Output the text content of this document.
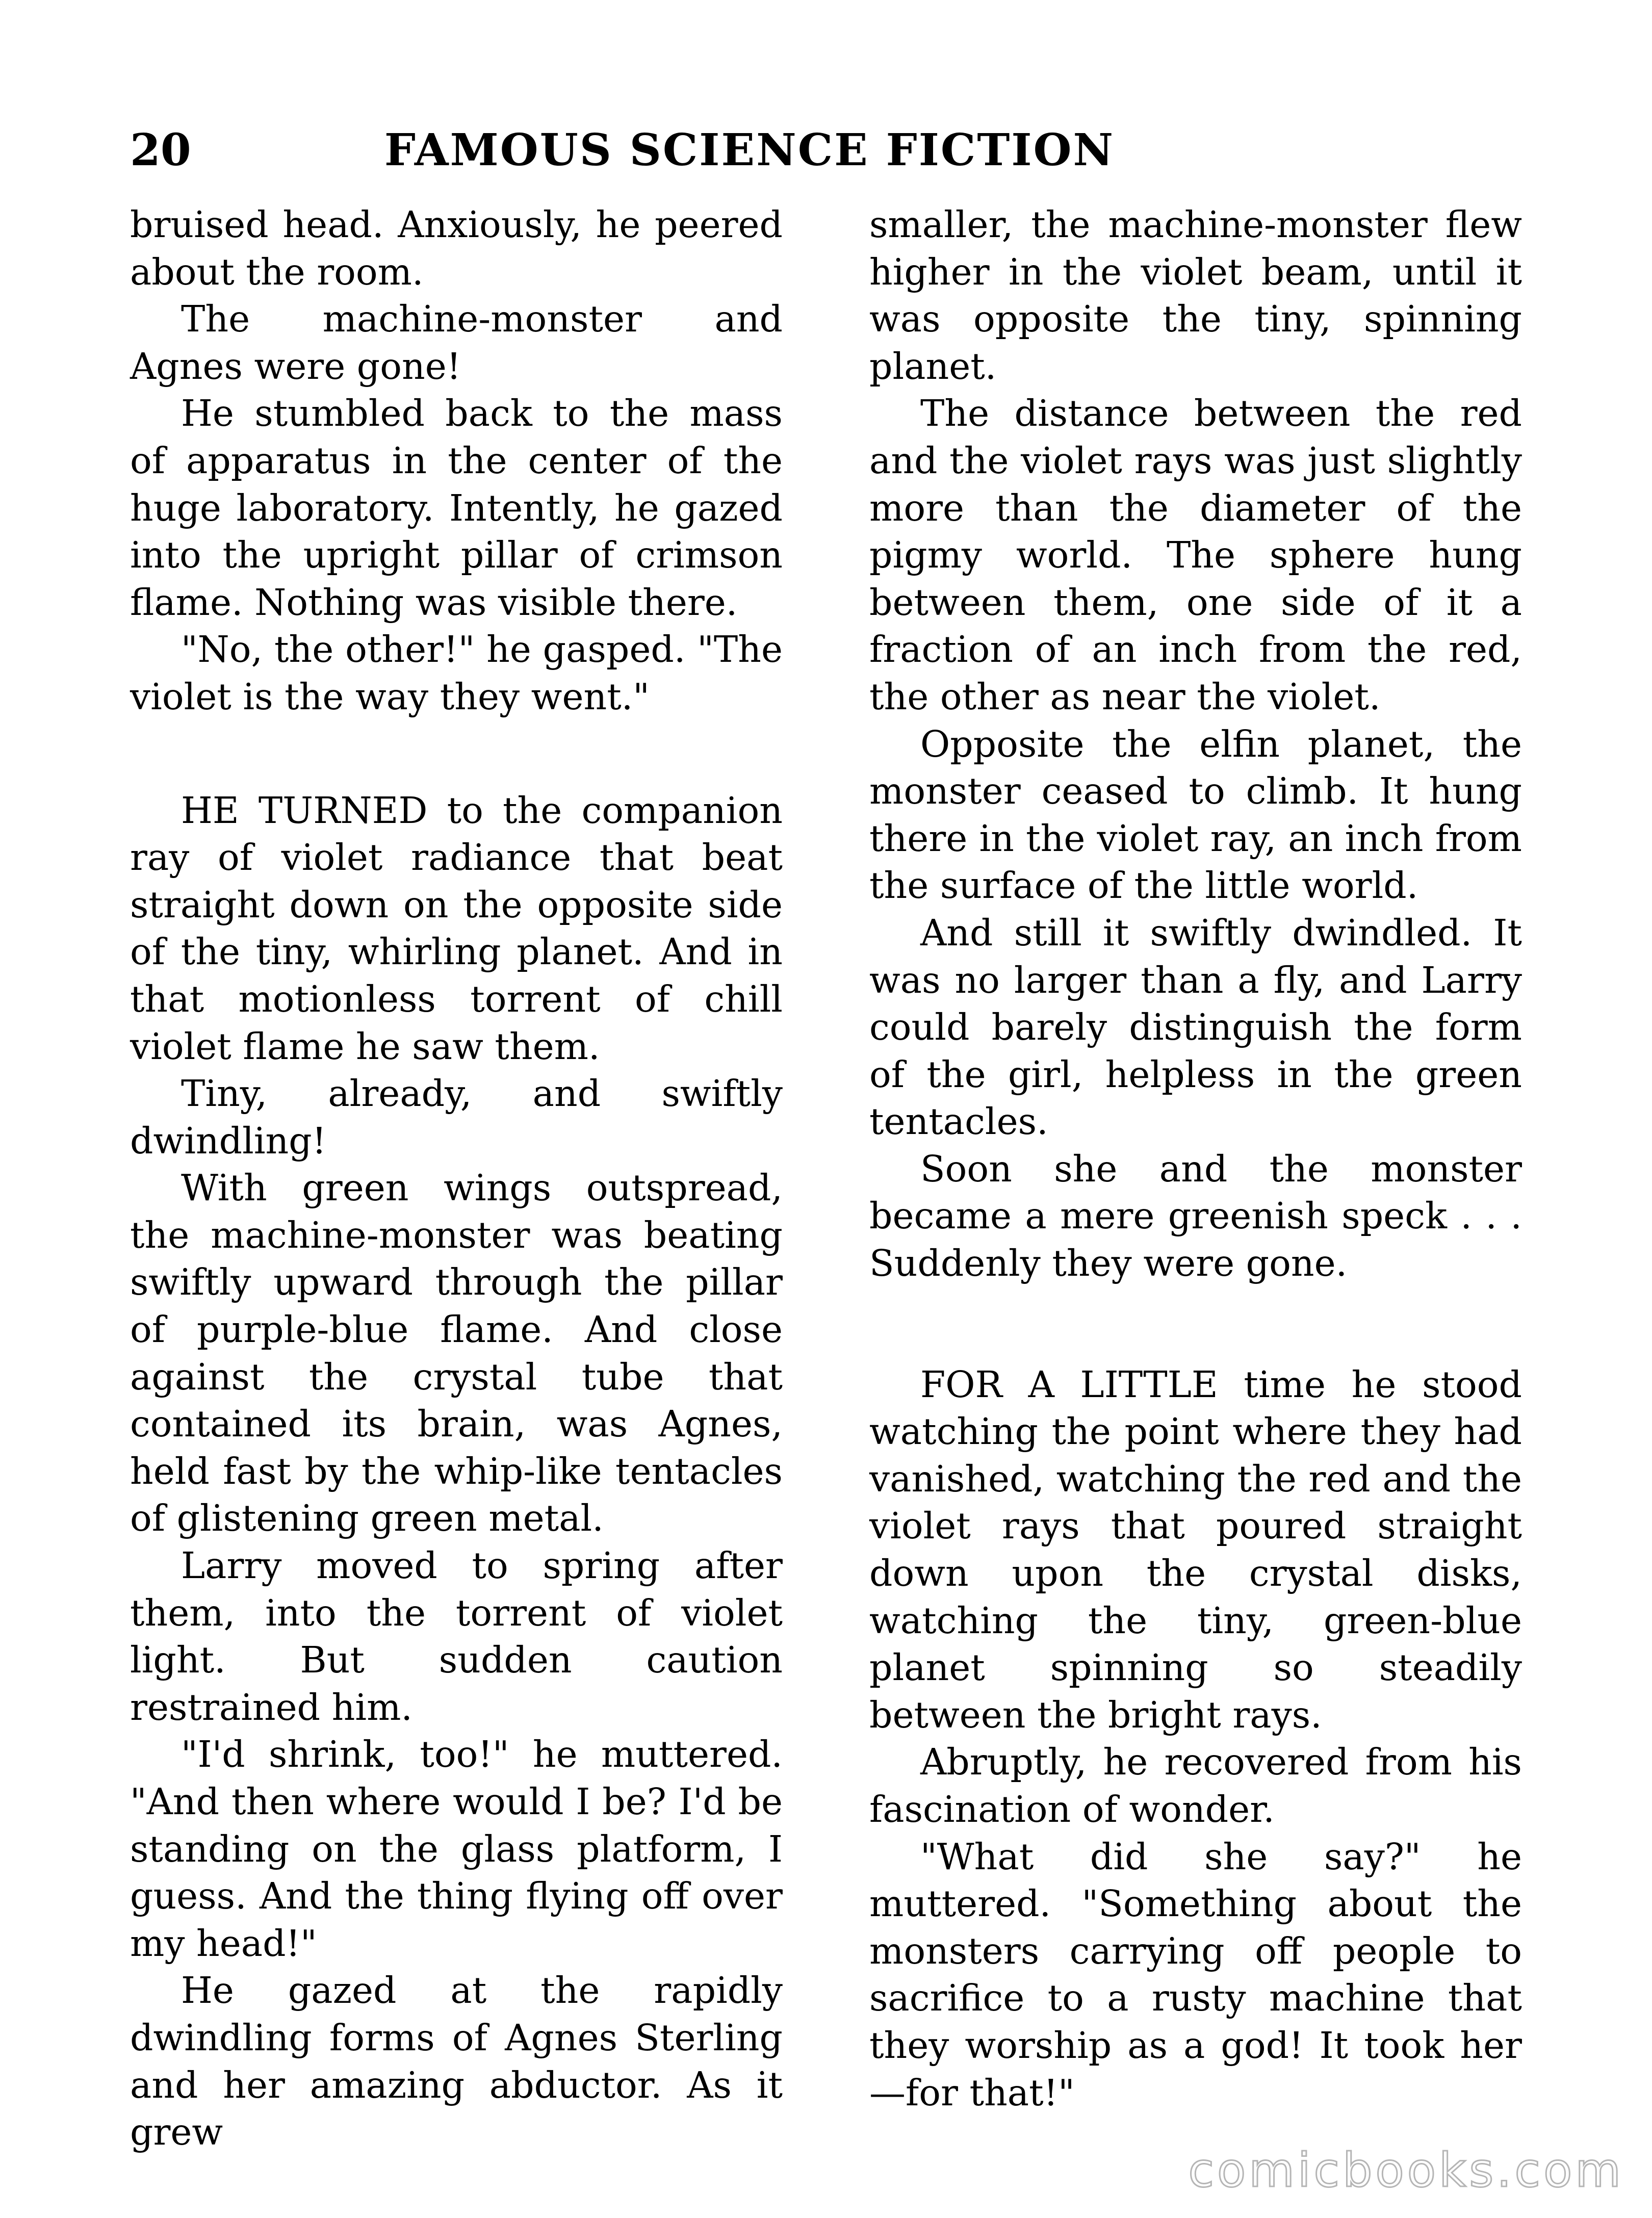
20	FAMOUS SCIENCE FICTION

bruised head. Anxiously, he peered about the room.

The machine-monster and Agnes were gone!

He stumbled back to the mass of apparatus in the center of the huge laboratory. Intently, he gazed into the upright pillar of crimson flame. Nothing was visible there.

"No, the other!" he gasped. "The violet is the way they went."

HE TURNED to the companion ray of violet radiance that beat straight down on the opposite side of the tiny, whirling planet. And in that motionless torrent of chill violet flame he saw them.

Tiny, already, and swiftly dwindling!

With green wings outspread, the machine-monster was beating swiftly upward through the pillar of purple-blue flame. And close against the crystal tube that contained its brain, was Agnes, held fast by the whip-like tentacles of glistening green metal.

Larry moved to spring after them, into the torrent of violet light. But sudden caution restrained him.

"I'd shrink, too!" he muttered. "And then where would I be? I'd be standing on the glass platform, I guess. And the thing flying off over my head!"

He gazed at the rapidly dwindling forms of Agnes Sterling and her amazing abductor. As it grew

smaller, the machine-monster flew higher in the violet beam, until it was opposite the tiny, spinning planet.

The distance between the red and the violet rays was just slightly more than the diameter of the pigmy world. The sphere hung between them, one side of it a fraction of an inch from the red, the other as near the violet.

Opposite the elfin planet, the monster ceased to climb. It hung there in the violet ray, an inch from the surface of the little world.

And still it swiftly dwindled. It was no larger than a fly, and Larry could barely distinguish the form of the girl, helpless in the green tentacles.

Soon she and the monster became a mere greenish speck . . . Suddenly they were gone.

FOR A LITTLE time he stood watching the point where they had vanished, watching the red and the violet rays that poured straight down upon the crystal disks, watching the tiny, green-blue planet spinning so steadily between the bright rays.

Abruptly, he recovered from his fascination of wonder.

"What did she say?" he muttered. "Something about the monsters carrying off people to sacrifice to a rusty machine that they worship as a god! It took her—for that!"

comicbooks.com
